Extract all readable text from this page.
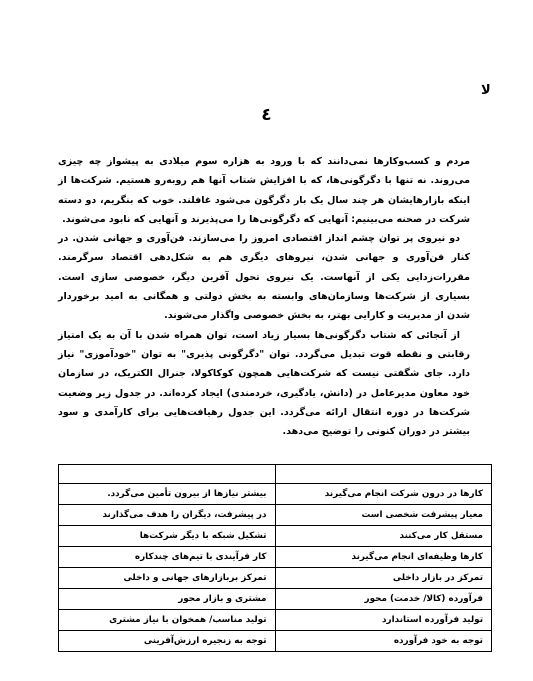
لا
٤

مردم و کسب‌وکارها نمی‌دانند که با ورود به هزاره سوم میلادی به پیشواز چه چیزی می‌روند. نه تنها با دگرگونی‌ها، که با افزایش شتاب آنها هم روبه‌رو هستیم. شرکت‌ها از اینکه بازارهایشان هر چند سال یک بار دگرگون می‌شود غافلند. خوب که بنگریم، دو دسته شرکت در صحنه می‌بینیم: آنهایی که دگرگونی‌ها را می‌پذیرند و آنهایی که نابود می‌شوند.

دو نیروی پر توان چشم انداز اقتصادی امروز را می‌سازند. فن‌آوری و جهانی شدن. در کنار فن‌آوری و جهانی شدن، نیروهای دیگری هم به شکل‌دهی اقتصاد سرگرمند. مقررات‌زدایی یکی از آنهاست. یک نیروی تحول آفرین دیگر، خصوصی سازی است. بسیاری از شرکت‌ها وسازمان‌های وابسته به بخش دولتی و همگانی به امید برخوردار شدن از مدیریت و کارایی بهتر، به بخش خصوصی واگذار می‌شوند.

از آنجائی که شتاب دگرگونی‌ها بسیار زیاد است، توان همراه شدن با آن به یک امتیاز رقابتی و نقطه قوت تبدیل می‌گردد. توان "دگرگونی پذیری" به توان "خودآموزی" نیاز دارد. جای شگفتی نیست که شرکت‌هایی همچون کوکاکولا، جنرال الکتریک، در سازمان خود معاون مدیرعامل در (دانش، یادگیری، خردمندی) ایجاد کرده‌اند. در جدول زیر وضعیت شرکت‌ها در دوره انتقال ارائه می‌گردد. این جدول رهیافت‌هایی برای کارآمدی و سود بیشتر در دوران کنونی را توضیح می‌دهد.

کارها در درون شرکت انجام می‌گیرند	بیشتر نیازها از بیرون تأمین می‌گردد.
معیار پیشرفت شخصی است	در پیشرفت، دیگران را هدف می‌گذارند
مستقل کار می‌کنند	تشکیل شبکه با دیگر شرکت‌ها
کارها وظیفه‌ای انجام می‌گیرند	کار فرآیندی با تیم‌های چندکاره
تمرکز در بازار داخلی	تمرکز بربازارهای جهانی و داخلی
فرآورده (کالا/ خدمت) محور	مشتری و بازار محور
تولید فرآورده استاندارد	تولید مناسب/ همخوان با نیاز مشتری
توجه به خود فرآورده	توجه به زنجیره ارزش‌آفرینی
